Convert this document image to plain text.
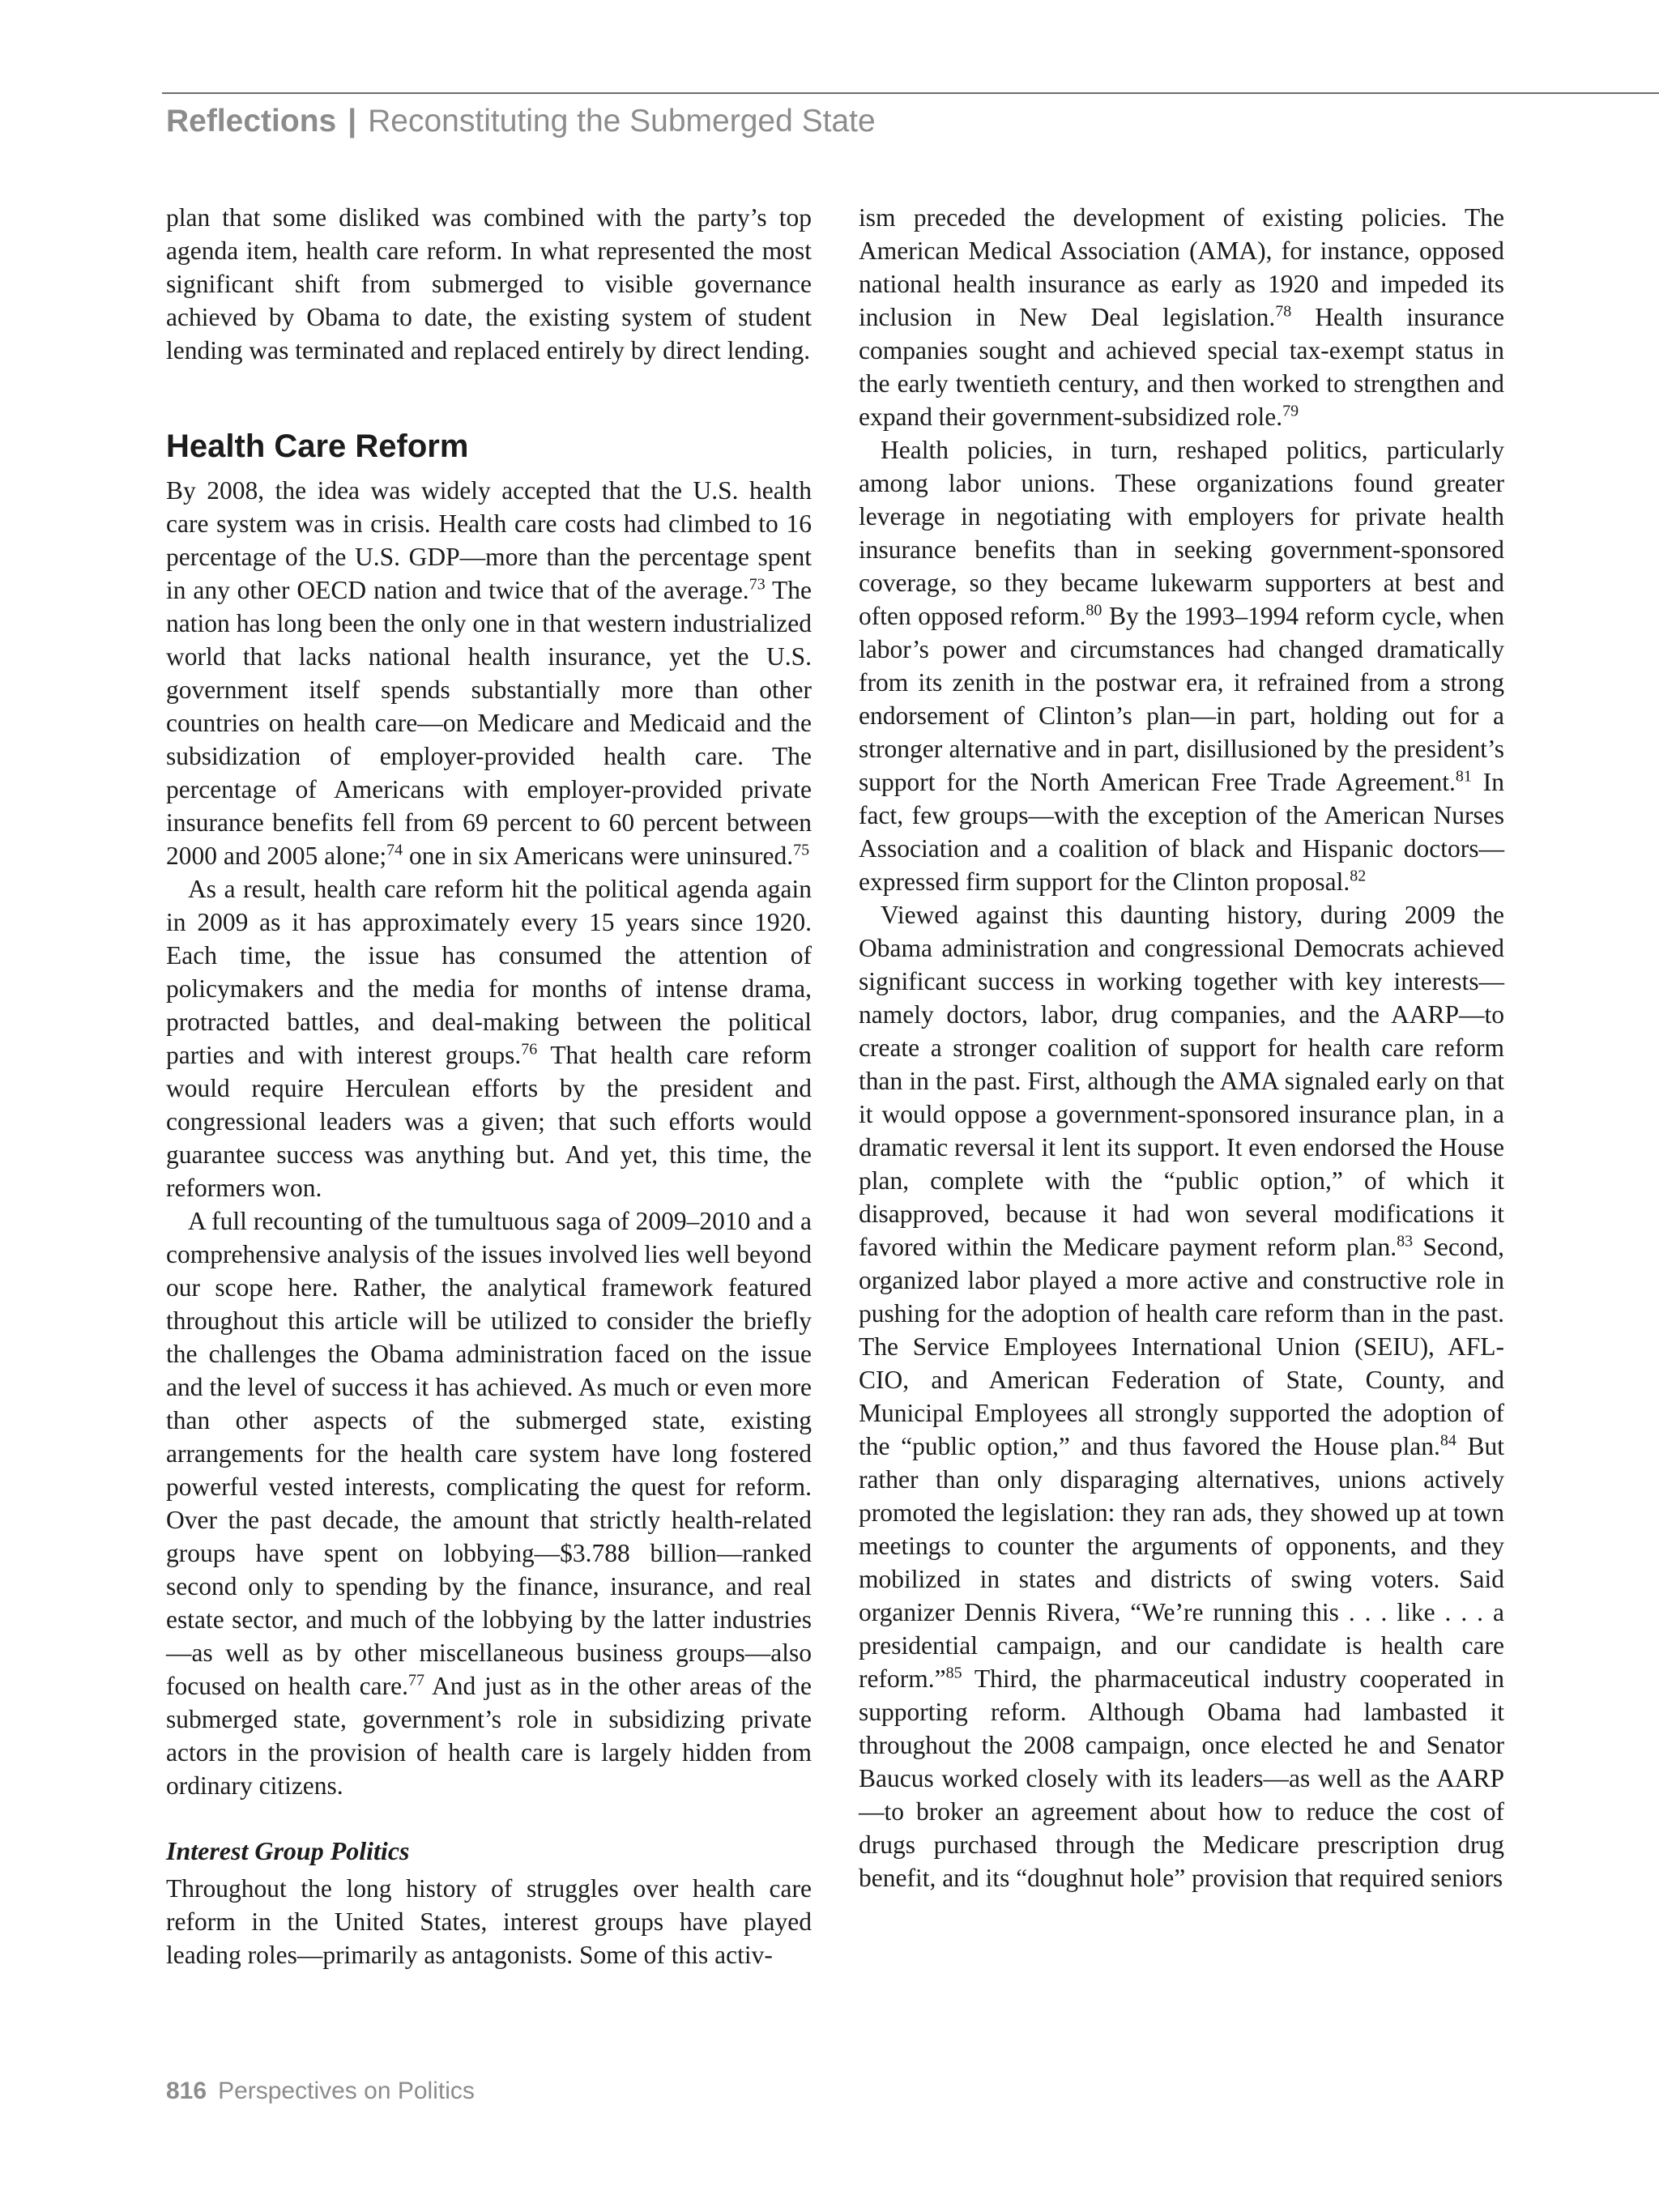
Reflections | Reconstituting the Submerged State

plan that some disliked was combined with the party’s top agenda item, health care reform. In what represented the most significant shift from submerged to visible governance achieved by Obama to date, the existing system of student lending was terminated and replaced entirely by direct lending.

Health Care Reform

By 2008, the idea was widely accepted that the U.S. health care system was in crisis. Health care costs had climbed to 16 percentage of the U.S. GDP—more than the percentage spent in any other OECD nation and twice that of the average.$^{73}$ The nation has long been the only one in that western industrialized world that lacks national health insurance, yet the U.S. government itself spends substantially more than other countries on health care—on Medicare and Medicaid and the subsidization of employer-provided health care. The percentage of Americans with employer-provided private insurance benefits fell from 69 percent to 60 percent between 2000 and 2005 alone;$^{74}$ one in six Americans were uninsured.$^{75}$

As a result, health care reform hit the political agenda again in 2009 as it has approximately every 15 years since 1920. Each time, the issue has consumed the attention of policymakers and the media for months of intense drama, protracted battles, and deal-making between the political parties and with interest groups.$^{76}$ That health care reform would require Herculean efforts by the president and congressional leaders was a given; that such efforts would guarantee success was anything but. And yet, this time, the reformers won.

A full recounting of the tumultuous saga of 2009–2010 and a comprehensive analysis of the issues involved lies well beyond our scope here. Rather, the analytical framework featured throughout this article will be utilized to consider the briefly the challenges the Obama administration faced on the issue and the level of success it has achieved. As much or even more than other aspects of the submerged state, existing arrangements for the health care system have long fostered powerful vested interests, complicating the quest for reform. Over the past decade, the amount that strictly health-related groups have spent on lobbying—$3.788 billion—ranked second only to spending by the finance, insurance, and real estate sector, and much of the lobbying by the latter industries—as well as by other miscellaneous business groups—also focused on health care.$^{77}$ And just as in the other areas of the submerged state, government’s role in subsidizing private actors in the provision of health care is largely hidden from ordinary citizens.

Interest Group Politics

Throughout the long history of struggles over health care reform in the United States, interest groups have played leading roles—primarily as antagonists. Some of this activ-

ism preceded the development of existing policies. The American Medical Association (AMA), for instance, opposed national health insurance as early as 1920 and impeded its inclusion in New Deal legislation.$^{78}$ Health insurance companies sought and achieved special tax-exempt status in the early twentieth century, and then worked to strengthen and expand their government-subsidized role.$^{79}$

Health policies, in turn, reshaped politics, particularly among labor unions. These organizations found greater leverage in negotiating with employers for private health insurance benefits than in seeking government-sponsored coverage, so they became lukewarm supporters at best and often opposed reform.$^{80}$ By the 1993–1994 reform cycle, when labor’s power and circumstances had changed dramatically from its zenith in the postwar era, it refrained from a strong endorsement of Clinton’s plan—in part, holding out for a stronger alternative and in part, disillusioned by the president’s support for the North American Free Trade Agreement.$^{81}$ In fact, few groups—with the exception of the American Nurses Association and a coalition of black and Hispanic doctors—expressed firm support for the Clinton proposal.$^{82}$

Viewed against this daunting history, during 2009 the Obama administration and congressional Democrats achieved significant success in working together with key interests—namely doctors, labor, drug companies, and the AARP—to create a stronger coalition of support for health care reform than in the past. First, although the AMA signaled early on that it would oppose a government-sponsored insurance plan, in a dramatic reversal it lent its support. It even endorsed the House plan, complete with the “public option,” of which it disapproved, because it had won several modifications it favored within the Medicare payment reform plan.$^{83}$ Second, organized labor played a more active and constructive role in pushing for the adoption of health care reform than in the past. The Service Employees International Union (SEIU), AFL-CIO, and American Federation of State, County, and Municipal Employees all strongly supported the adoption of the “public option,” and thus favored the House plan.$^{84}$ But rather than only disparaging alternatives, unions actively promoted the legislation: they ran ads, they showed up at town meetings to counter the arguments of opponents, and they mobilized in states and districts of swing voters. Said organizer Dennis Rivera, “We’re running this . . . like . . . a presidential campaign, and our candidate is health care reform.”$^{85}$ Third, the pharmaceutical industry cooperated in supporting reform. Although Obama had lambasted it throughout the 2008 campaign, once elected he and Senator Baucus worked closely with its leaders—as well as the AARP—to broker an agreement about how to reduce the cost of drugs purchased through the Medicare prescription drug benefit, and its “doughnut hole” provision that required seniors

816 Perspectives on Politics
